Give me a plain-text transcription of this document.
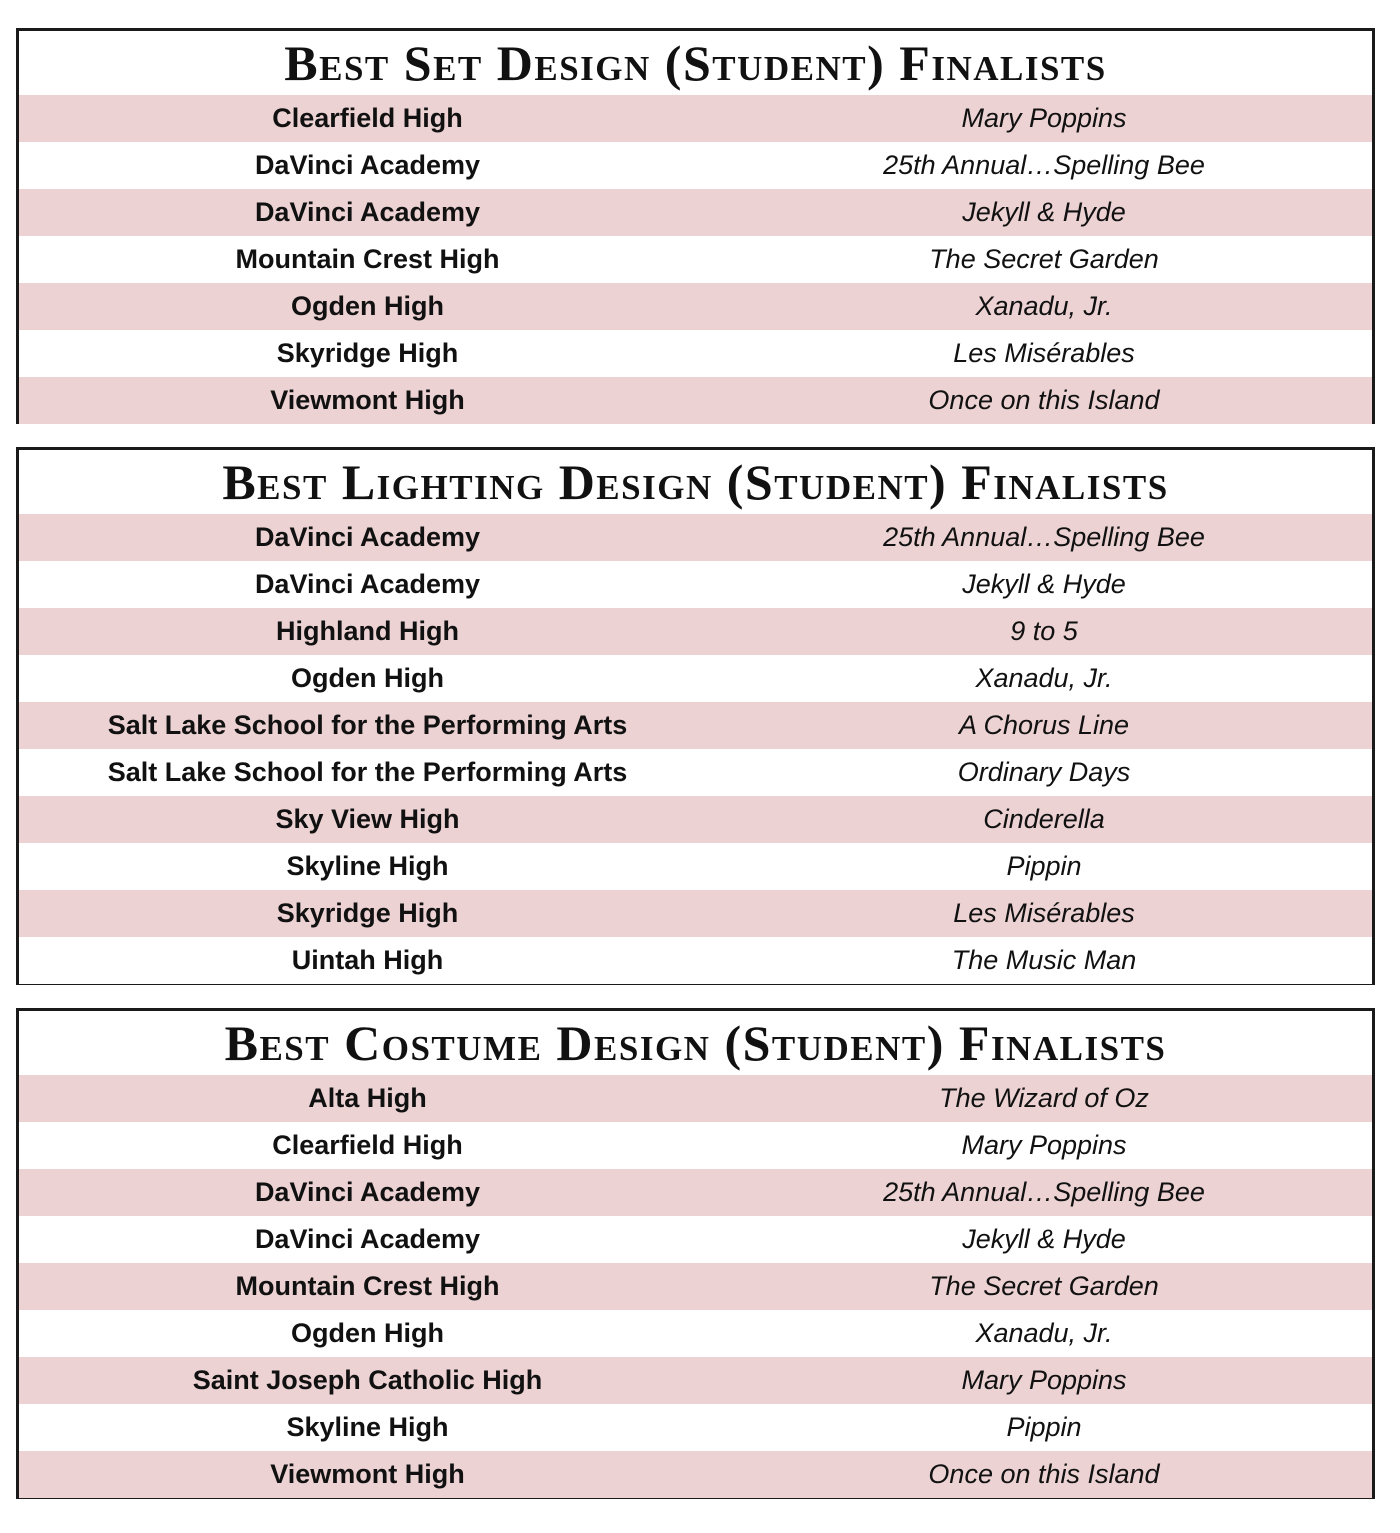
Best Set Design (Student) Finalists
Clearfield High	Mary Poppins
DaVinci Academy	25th Annual…Spelling Bee
DaVinci Academy	Jekyll & Hyde
Mountain Crest High	The Secret Garden
Ogden High	Xanadu, Jr.
Skyridge High	Les Misérables
Viewmont High	Once on this Island
Best Lighting Design (Student) Finalists
DaVinci Academy	25th Annual…Spelling Bee
DaVinci Academy	Jekyll & Hyde
Highland High	9 to 5
Ogden High	Xanadu, Jr.
Salt Lake School for the Performing Arts	A Chorus Line
Salt Lake School for the Performing Arts	Ordinary Days
Sky View High	Cinderella
Skyline High	Pippin
Skyridge High	Les Misérables
Uintah High	The Music Man
Best Costume Design (Student) Finalists
Alta High	The Wizard of Oz
Clearfield High	Mary Poppins
DaVinci Academy	25th Annual…Spelling Bee
DaVinci Academy	Jekyll & Hyde
Mountain Crest High	The Secret Garden
Ogden High	Xanadu, Jr.
Saint Joseph Catholic High	Mary Poppins
Skyline High	Pippin
Viewmont High	Once on this Island
